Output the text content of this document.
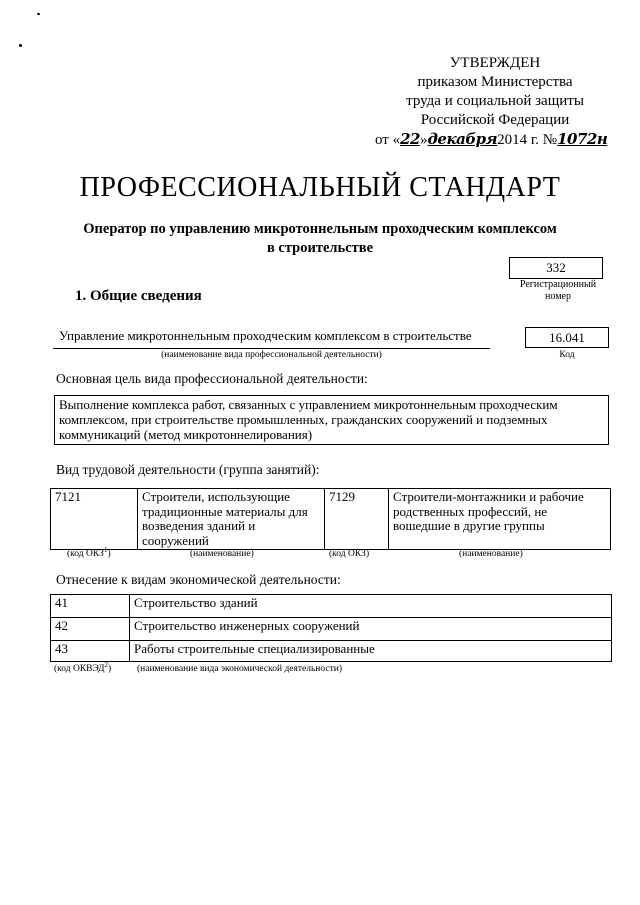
УТВЕРЖДЕН
приказом Министерства
труда и социальной защиты
Российской Федерации
от «22»декабря2014 г. №1072н
ПРОФЕССИОНАЛЬНЫЙ СТАНДАРТ
Оператор по управлению микротоннельным проходческим комплексом
в строительстве
332
Регистрационный
номер
1. Общие сведения
Управление микротоннельным проходческим комплексом в строительстве
(наименование вида профессиональной деятельности)
16.041
Код
Основная цель вида профессиональной деятельности:
Выполнение комплекса работ, связанных с управлением микротоннельным проходческим комплексом, при строительстве промышленных, гражданских сооружений и подземных коммуникаций (метод микротоннелирования)
Вид трудовой деятельности (группа занятий):
7121	Строители, использующие традиционные материалы для возведения зданий и сооружений	7129	Строители-монтажники и рабочие родственных профессий, не вошедшие в другие группы
(код ОКЗ$^1$)	(наименование)	(код ОКЗ)	(наименование)
Отнесение к видам экономической деятельности:
41	Строительство зданий
42	Строительство инженерных сооружений
43	Работы строительные специализированные
(код ОКВЭД$^2$)	(наименование вида экономической деятельности)
